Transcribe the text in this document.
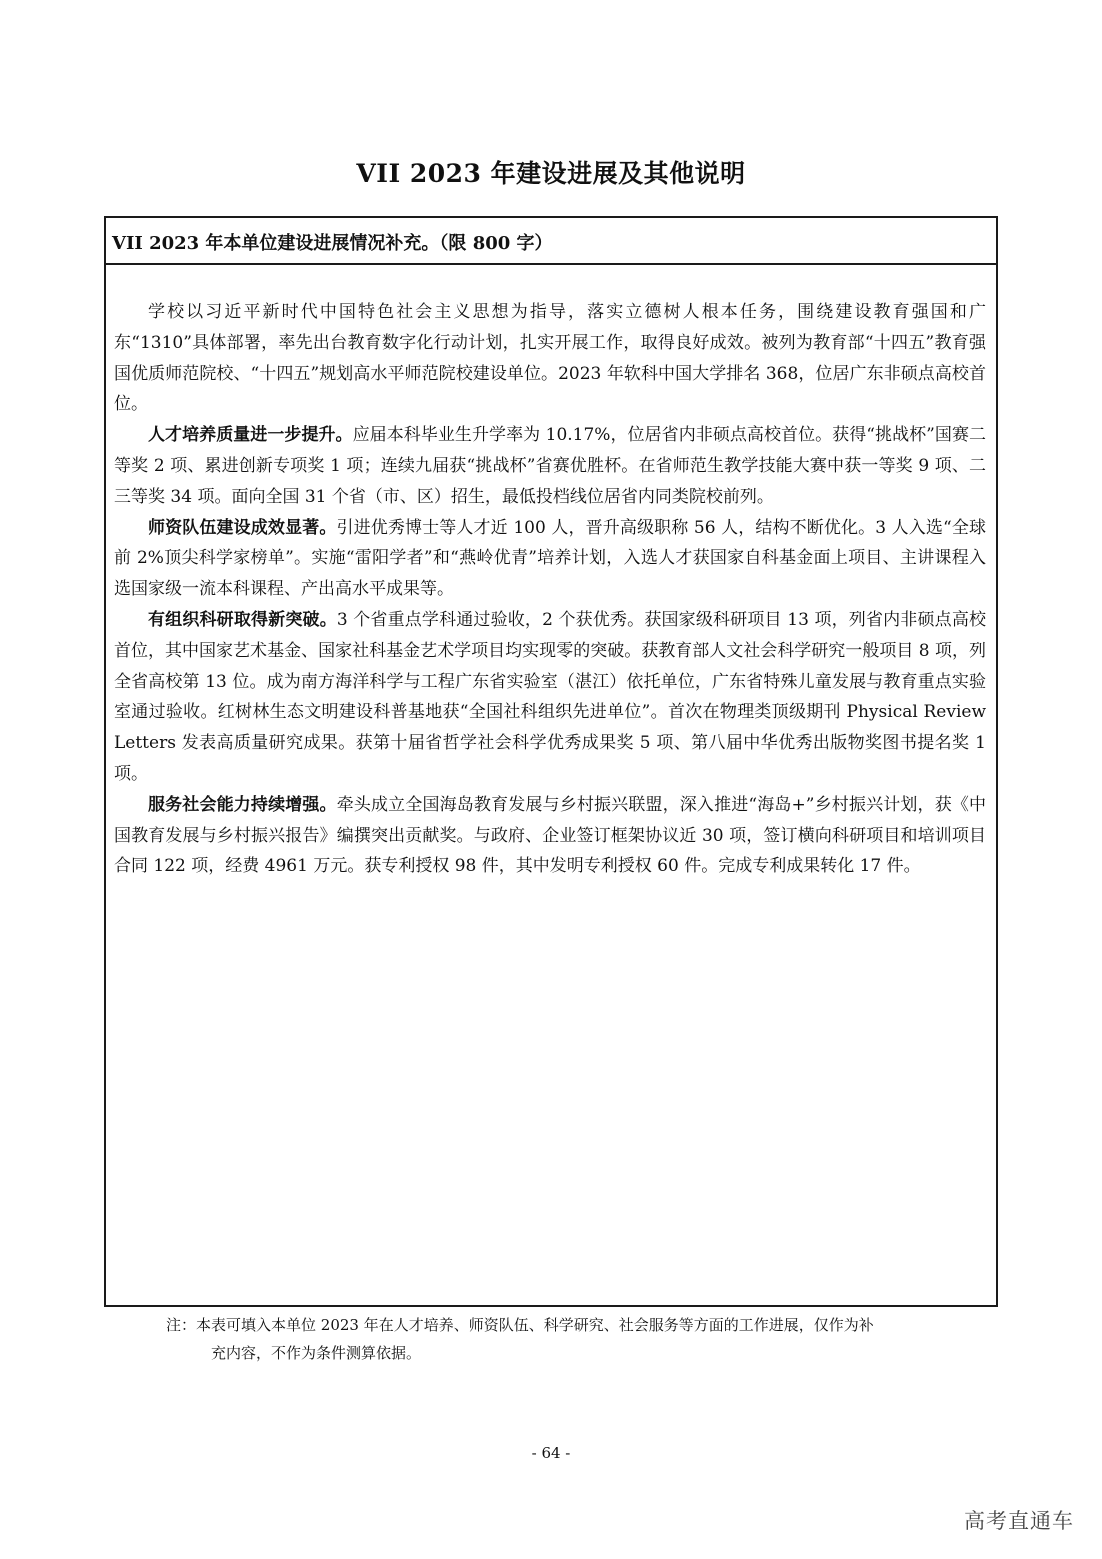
VII 2023 年建设进展及其他说明
VII 2023 年本单位建设进展情况补充。（限 800 字）

学校以习近平新时代中国特色社会主义思想为指导，落实立德树人根本任务，围绕建设教育强国和广东“1310”具体部署，率先出台教育数字化行动计划，扎实开展工作，取得良好成效。被列为教育部“十四五”教育强国优质师范院校、“十四五”规划高水平师范院校建设单位。2023 年软科中国大学排名 368，位居广东非硕点高校首位。

人才培养质量进一步提升。应届本科毕业生升学率为 10.17%，位居省内非硕点高校首位。获得“挑战杯”国赛二等奖 2 项、累进创新专项奖 1 项；连续九届获“挑战杯”省赛优胜杯。在省师范生教学技能大赛中获一等奖 9 项、二三等奖 34 项。面向全国 31 个省（市、区）招生，最低投档线位居省内同类院校前列。

师资队伍建设成效显著。引进优秀博士等人才近 100 人，晋升高级职称 56 人，结构不断优化。3 人入选“全球前 2%顶尖科学家榜单”。实施“雷阳学者”和“燕岭优青”培养计划，入选人才获国家自科基金面上项目、主讲课程入选国家级一流本科课程、产出高水平成果等。

有组织科研取得新突破。3 个省重点学科通过验收，2 个获优秀。获国家级科研项目 13 项，列省内非硕点高校首位，其中国家艺术基金、国家社科基金艺术学项目均实现零的突破。获教育部人文社会科学研究一般项目 8 项，列全省高校第 13 位。成为南方海洋科学与工程广东省实验室（湛江）依托单位，广东省特殊儿童发展与教育重点实验室通过验收。红树林生态文明建设科普基地获“全国社科组织先进单位”。首次在物理类顶级期刊 Physical Review Letters 发表高质量研究成果。获第十届省哲学社会科学优秀成果奖 5 项、第八届中华优秀出版物奖图书提名奖 1 项。

服务社会能力持续增强。牵头成立全国海岛教育发展与乡村振兴联盟，深入推进“海岛+”乡村振兴计划，获《中国教育发展与乡村振兴报告》编撰突出贡献奖。与政府、企业签订框架协议近 30 项，签订横向科研项目和培训项目合同 122 项，经费 4961 万元。获专利授权 98 件，其中发明专利授权 60 件。完成专利成果转化 17 件。

注：本表可填入本单位 2023 年在人才培养、师资队伍、科学研究、社会服务等方面的工作进展，仅作为补
充内容，不作为条件测算依据。
- 64 -
高考直通车
